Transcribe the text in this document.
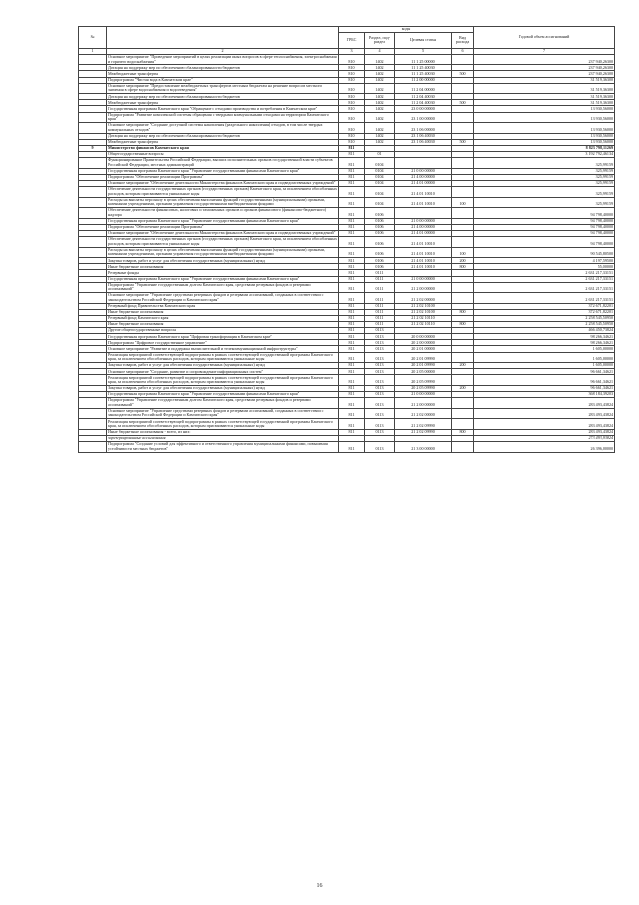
№		коды				Годовой объем ассигнований
		ГРБС	Раздел, под-раздел	Целевая статья	Вид расхода	
1	2	3	4	5	6	7
	Основное мероприятие "Проведение мероприятий в целях реализации иных вопросов в сфере теплоснабжения, электроснабжения и горячего водоснабжения"	810	1402	11 1 25 00000		237 940,26300
	Дотация на поддержку мер по обеспечению сбалансированности бюджетов	810	1402	11 1 25 40030		237 940,26300
	Межбюджетные трансферты	810	1402	11 1 25 40030	500	237 940,26300
	Подпрограмма "Чистая вода в Камчатском крае"	810	1402	11 2 00 00000		31 519,36300
	Основное мероприятие "Предоставление межбюджетных трансфертов местным бюджетам на решение вопросов местного значения в сфере водоснабжения и водоотведения"	810	1402	11 2 04 00000		31 519,36300
	Дотация на поддержку мер по обеспечению сбалансированности бюджетов	810	1402	11 2 04 40030		31 519,36300
	Межбюджетные трансферты	810	1402	11 2 04 40030	500	31 519,36300
	Государственная программа Камчатского края "Обращение с отходами производства и потребления в Камчатском крае"	810	1402	23 0 00 00000		13 930,56000
	Подпрограмма "Развитие комплексной системы обращения с твердыми коммунальными отходами на территории Камчатского края"	810	1402	23 1 00 00000		13 930,56000
	Основное мероприятие "Создание доступной системы накопления (раздельного накопления) отходов, в том числе твердых коммунальных отходов"	810	1402	23 1 06 00000		13 930,56000
	Дотация на поддержку мер по обеспечению сбалансированности бюджетов	810	1402	23 1 06 40030		13 930,56000
	Межбюджетные трансферты	810	1402	23 1 06 40030	500	13 930,56000
9	Министерство финансов Камчатского края	811				8 823 798,11269
	Общегосударственные вопросы	811	01			3 192 792,46134
	Функционирование Правительства Российской Федерации, высших исполнительных органов государственной власти субъектов Российской Федерации, местных администраций	811	0104			325,99159
	Государственная программа Камчатского края "Управление государственными финансами Камчатского края"	811	0104	21 0 00 00000		325,99159
	Подпрограмма "Обеспечение реализации Программы"	811	0104	21 4 00 00000		325,99159
	Основное мероприятие "Обеспечение деятельности Министерства финансов Камчатского края и подведомственных учреждений"	811	0104	21 4 01 00000		325,99159
	Обеспечение деятельности государственных органов (государственных органов) Камчатского края, за исключением обособленных расходов, которым присваиваются уникальные коды	811	0104	21 4 01 10010		325,99159
	Расходы на выплаты персоналу в целях обеспечения выполнения функций государственными (муниципальными) органами, казенными учреждениями, органами управления государственными внебюджетными фондами	811	0104	21 4 01 10010	100	325,99159
	Обеспечение деятельности финансовых, налоговых и таможенных органов и органов финансового (финансово-бюджетного) надзора	811	0106			94 798,40000
	Государственная программа Камчатского края "Управление государственными финансами Камчатского края"	811	0106	21 0 00 00000		94 798,40000
	Подпрограмма "Обеспечение реализации Программы"	811	0106	21 4 00 00000		94 798,40000
	Основное мероприятие "Обеспечение деятельности Министерства финансов Камчатского края и подведомственных учреждений"	811	0106	21 4 01 00000		94 798,40000
	Обеспечение деятельности государственных органов (государственных органов) Камчатского края, за исключением обособленных расходов, которым присваиваются уникальные коды	811	0106	21 4 01 10010		94 798,40000
	Расходы на выплаты персоналу в целях обеспечения выполнения функций государственными (муниципальными) органами, казенными учреждениями, органами управления государственными внебюджетными фондами	811	0106	21 4 01 10010	100	90 545,80500
	Закупка товаров, работ и услуг для обеспечения государственных (муниципальных) нужд	811	0106	21 4 01 10010	200	4 197,59500
	Иные бюджетные ассигнования	811	0106	21 4 01 10010	800	55,00000
	Резервные фонды	811	0111			2 631 217,33151
	Государственная программа Камчатского края "Управление государственными финансами Камчатского края"	811	0111	21 0 00 00000		2 631 217,33151
	Подпрограмма "Управление государственным долгом Камчатского края, средствами резервных фондов и резервами ассигнований"	811	0111	21 2 00 00000		2 631 217,33151
	Основное мероприятие "Управление средствами резервных фондов и резервами ассигнований, созданных в соответствии с законодательством Российской Федерации и Камчатского края"	811	0111	21 2 02 00000		2 631 217,33151
	Резервный фонд Правительства Камчатского края	811	0111	21 2 02 10100		372 671,82201
	Иные бюджетные ассигнования	811	0111	21 2 02 10100	800	372 671,82201
	Резервный фонд Камчатского края	811	0111	21 2 02 10110		2 258 545,50950
	Иные бюджетные ассигнования	811	0111	21 2 02 10110	800	2 258 545,50950
	Другие общегосударственные вопросы	811	0113			466 450,73824
	Государственная программа Камчатского края "Цифровая трансформация в Камчатском крае"	811	0113	20 0 00 00000		98 266,34621
	Подпрограмма "Цифровое государственное управление"	811	0113	20 2 00 00000		98 266,34621
	Основное мероприятие "Развитие и поддержка вычислительной и телекоммуникационной инфраструктуры"	811	0113	20 2 01 00000		1 605,00000
	Реализация мероприятий соответствующей подпрограммы в рамках соответствующей государственной программы Камчатского края, за исключением обособленных расходов, которым присваиваются уникальные коды	811	0113	20 2 01 09990		1 605,00000
	Закупка товаров, работ и услуг для обеспечения государственных (муниципальных) нужд	811	0113	20 2 01 09990	200	1 605,00000
	Основное мероприятие "Создание, развитие и сопровождение информационных систем"	811	0113	20 2 05 00000		96 661,34621
	Реализация мероприятий соответствующей подпрограммы в рамках соответствующей государственной программы Камчатского края, за исключением обособленных расходов, которым присваиваются уникальные коды	811	0113	20 2 05 09990		96 661,34621
	Закупка товаров, работ и услуг для обеспечения государственных (муниципальных) нужд	811	0113	20 2 05 09990	200	96 661,34621
	Государственная программа Камчатского края "Управление государственными финансами Камчатского края"	811	0113	21 0 00 00000		368 184,39203
	Подпрограмма "Управление государственным долгом Камчатского края, средствами резервных фондов и резервами ассигнований"	811	0113	21 2 00 00000		283 493,43824
	Основное мероприятие "Управление средствами резервных фондов и резервами ассигнований, созданных в соответствии с законодательством Российской Федерации и Камчатского края"	811	0113	21 2 02 00000		283 493,43824
	Реализация мероприятий соответствующей подпрограммы в рамках соответствующей государственной программы Камчатского края, за исключением обособленных расходов, которым присваиваются уникальные коды	811	0113	21 2 02 09990		283 493,43824
	Иные бюджетные ассигнования - всего, из них:	811	0113	21 2 02 09990	800	283 493,43824
	зарезервированные ассигнования					273 493,93824
	Подпрограмма "Создание условий для эффективного и ответственного управления муниципальными финансами, повышения устойчивости местных бюджетов"	811	0113	21 3 00 00000		26 396,00000
16
